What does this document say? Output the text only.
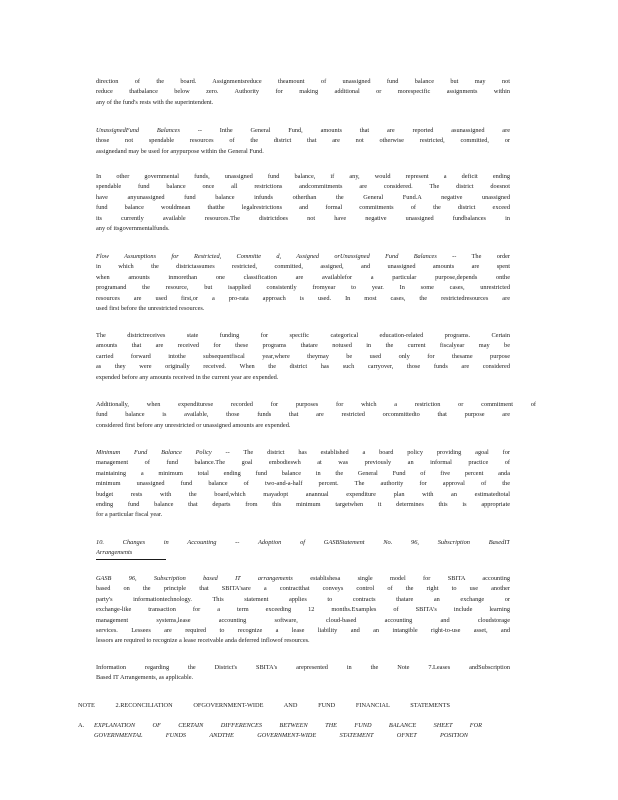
direction of the board. Assignmentsreduce theamount of unassigned fund balance but may not
reduce thatbalance below zero. Authority for making additional or morespecific assignments within
any of the fund's rests with the superintendent.
UnassignedFund Balances -- Inthe General Fund, amounts that are reported asunassigned are
those not spendable resources of the district that are not otherwise restricted, committed, or
assignedand may be used for anypurpose within the General Fund.
In other governmental funds, unassigned fund balance, if any, would represent a deficit ending
spendable fund balance once all restrictions andcommitments are considered. The district doesnot
have anyunassigned fund balance infunds otherthan the General Fund.A negative unassigned
fund balance wouldmean thatthe legalrestrictions and formal commitments of the district exceed
its currently available resources.The districtdoes not have negative unassigned fundbalances in
any of itsgovernmentalfunds.
Flow Assumptions for Restricted, Committe d, Assigned orUnassigned Fund Balances -- The order
in which the districtassumes restricted, committed, assigned, and unassigned amounts are spent
when amounts inmorethan one classification are availablefor a particular purpose,depends onthe
programand the resource, but isapplied consistently fromyear to year. In some cases, unrestricted
resources are used first,or a pro-rata approach is used. In most cases, the restrictedresources are
used first before the unrestricted resources.
The districtreceives state funding for specific categorical education-related programs. Certain
amounts that are received for these programs thatare notused in the current fiscalyear may be
carried forward intothe subsequentfiscal year,where theymay be used only for thesame purpose
as they were originally received. When the district has such carryover, those funds are considered
expended before any amounts received in the current year are expended.
Additionally, when expenditurese recorded for purposes for which a restriction or commitment of
fund balance is available, those funds that are restricted orcommittedto that purpose are
considered first before any unrestricted or unassigned amounts are expended.
Minimum Fund Balance Policy -- The district has established a board policy providing agoal for
management of fund balance.The goal embodieswh at was previously an informal practice of
maintaining a minimum total ending fund balance in the General Fund of five percent anda
minimum unassigned fund balance of two-and-a-half percent. The authority for approval of the
budget rests with the board,which mayadopt anannual expenditure plan with an estimatedtotal
ending fund balance that departs from this minimum targetwhen it determines this is appropriate
for a particular fiscal year.
10. Changes in Accounting -- Adoption of GASBStatement No. 96, Subscription BasedIT
Arrangements
GASB 96, Subscription based IT arrangements establishesa single model for SBITA accounting
based on the principle that SBITA'sare a contractthat conveys control of the right to use another
party's informationtechnology. This statement applies to contracts thatare an exchange or
exchange-like transaction for a term exceeding 12 months.Examples of SBITA's include learning
management systems,lease accounting software, cloud-based accounting and cloudstorage
services. Lessees are required to recognize a lease liability and an intangible right-to-use asset, and
lessors are required to recognize a lease receivable anda deferred inflowof resources.
Information regarding the District's SBITA's arepresented in the Note 7.Leases andSubscription
Based IT Arrangements, as applicable.
NOTE 2.RECONCILIATION OFGOVERNMENT-WIDE AND FUND FINANCIAL STATEMENTS
A. EXPLANATION OF CERTAIN DIFFERENCES BETWEEN THE FUND BALANCE SHEET FOR
GOVERNMENTAL FUNDS ANDTHE GOVERNMENT-WIDE STATEMENT OFNET POSITION
